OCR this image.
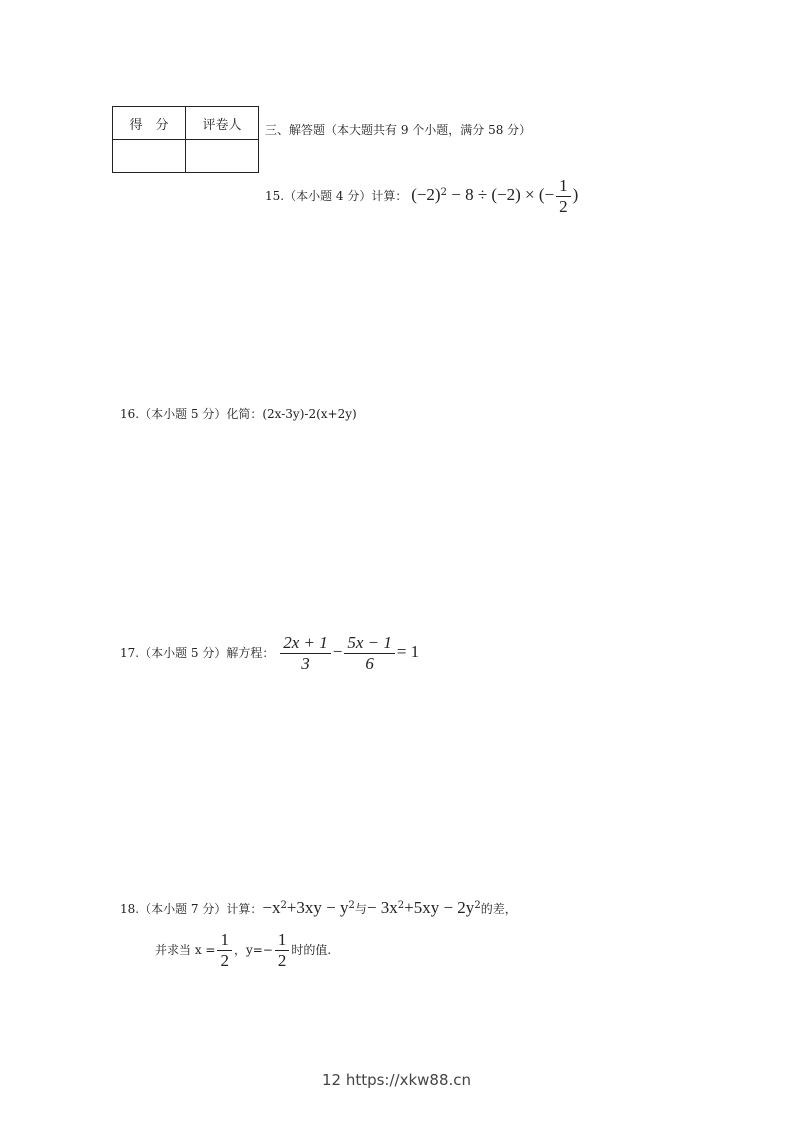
得　分	评卷人
	三、解答题（本大题共有 9 个小题，满分 58 分）
15.（本小题 4 分）计算： $(-2)^2 - 8 \div (-2)$ × (− $\frac{1}{2}$ )
16.（本小题 5 分）化简：(2x-3y)-2(x+2y)
17.（本小题 5 分）解方程： $\frac{2x + 1}{3} - \frac{5x - 1}{6} = 1$
18.（本小题 7 分）计算：$-x^2+3xy - y^2$与− $3x^2+5xy - 2y^2$的差，
并求当 $x = \frac{1}{2}$ ，$y=- \frac{1}{2}$ 时的值.
12 https://xkw88.cn
